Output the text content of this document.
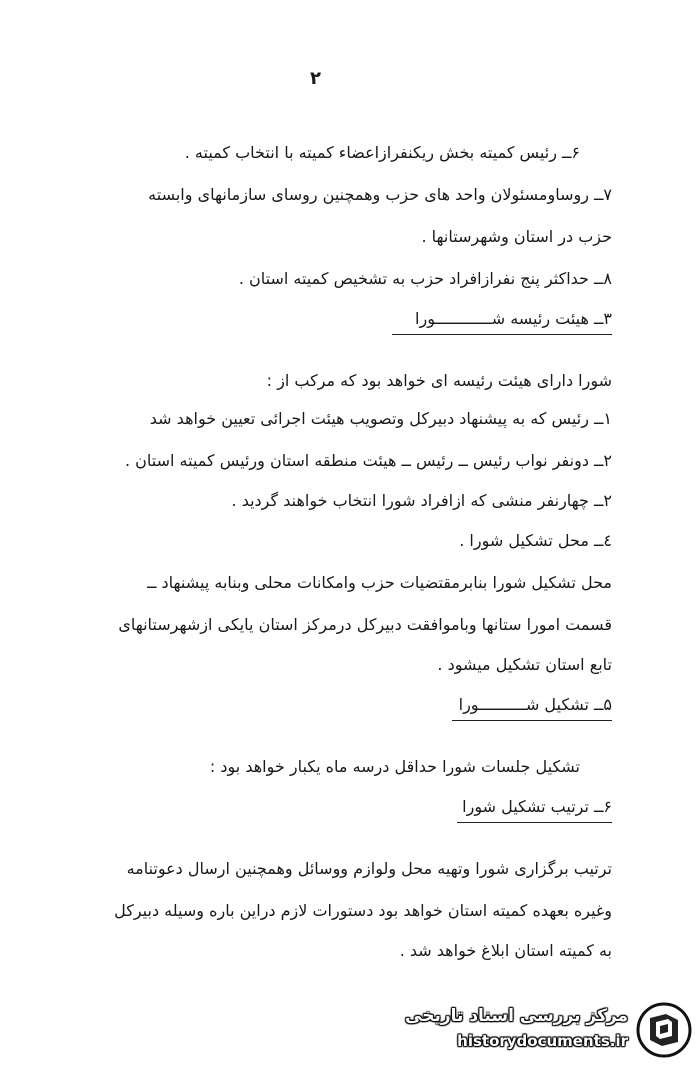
۲
۶ــ رئیس کمیته بخش ریکنفرازاعضاء کمیته با انتخاب کمیته .
۷ــ روساومسئولان واحد های حزب وهمچنین روسای سازمانهای وابسته
حزب در استان وشهرستانها .
۸ــ حداکثر پنج نفرازافراد حزب به تشخیص کمیته استان .
۳ــ هیئت رئیسه شــــــــــــورا
شورا دارای هیئت رئیسه ای خواهد بود که مرکب از :
۱ــ رئیس که به پیشنهاد دبیرکل وتصویب هیئت اجرائی تعیین خواهد شد
۲ــ دونفر نواب رئیس ــ رئیس ــ هیئت منطقه استان ورئیس کمیته استان .
۲ــ چهارنفر منشی که ازافراد شورا انتخاب خواهند گردید .
٤ــ محل تشکیل شورا .
محل تشکیل شورا بنابرمقتضیات حزب وامکانات محلی وبنابه پیشنهاد ــ
قسمت امورا ستانها وباموافقت دبیرکل درمرکز استان یایکی ازشهرستانهای
تابع استان تشکیل میشود .
۵ــ تشکیل شــــــــــورا
تشکیل جلسات شورا حداقل درسه ماه یکبار خواهد بود :
۶ــ ترتیب تشکیل شورا
ترتیب برگزاری شورا وتهیه محل ولوازم ووسائل وهمچنین ارسال دعوتنامه
وغیره بعهده کمیته استان خواهد بود دستورات لازم دراین باره وسیله دبیرکل
به کمیته استان ابلاغ خواهد شد .
مرکز بررسی اسناد تاریخی
historydocuments.ir
